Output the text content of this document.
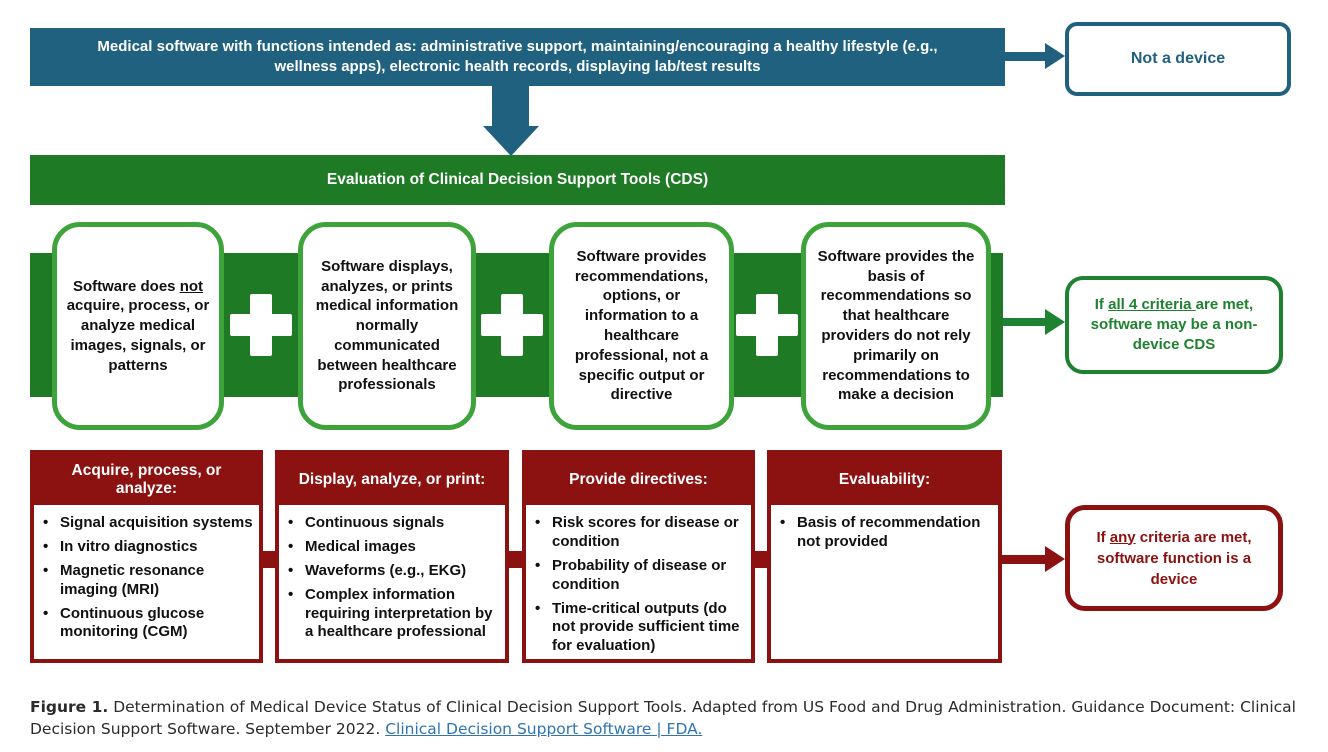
Medical software with functions intended as: administrative support, maintaining/encouraging a healthy lifestyle (e.g., wellness apps), electronic health records, displaying lab/test results	Not a device
Evaluation of Clinical Decision Support Tools (CDS)
Software does not acquire, process, or analyze medical images, signals, or patterns
Software displays, analyzes, or prints medical information normally communicated between healthcare professionals
Software provides recommendations, options, or information to a healthcare professional, not a specific output or directive
Software provides the basis of recommendations so that healthcare providers do not rely primarily on recommendations to make a decision
If all 4 criteria are met, software may be a non-device CDS
Acquire, process, or analyze:
• Signal acquisition systems
• In vitro diagnostics
• Magnetic resonance imaging (MRI)
• Continuous glucose monitoring (CGM)
Display, analyze, or print:
• Continuous signals
• Medical images
• Waveforms (e.g., EKG)
• Complex information requiring interpretation by a healthcare professional
Provide directives:
• Risk scores for disease or condition
• Probability of disease or condition
• Time-critical outputs (do not provide sufficient time for evaluation)
Evaluability:
• Basis of recommendation not provided	If any criteria are met, software function is a device
Figure 1. Determination of Medical Device Status of Clinical Decision Support Tools. Adapted from US Food and Drug Administration. Guidance Document: Clinical Decision Support Software. September 2022. Clinical Decision Support Software | FDA.
